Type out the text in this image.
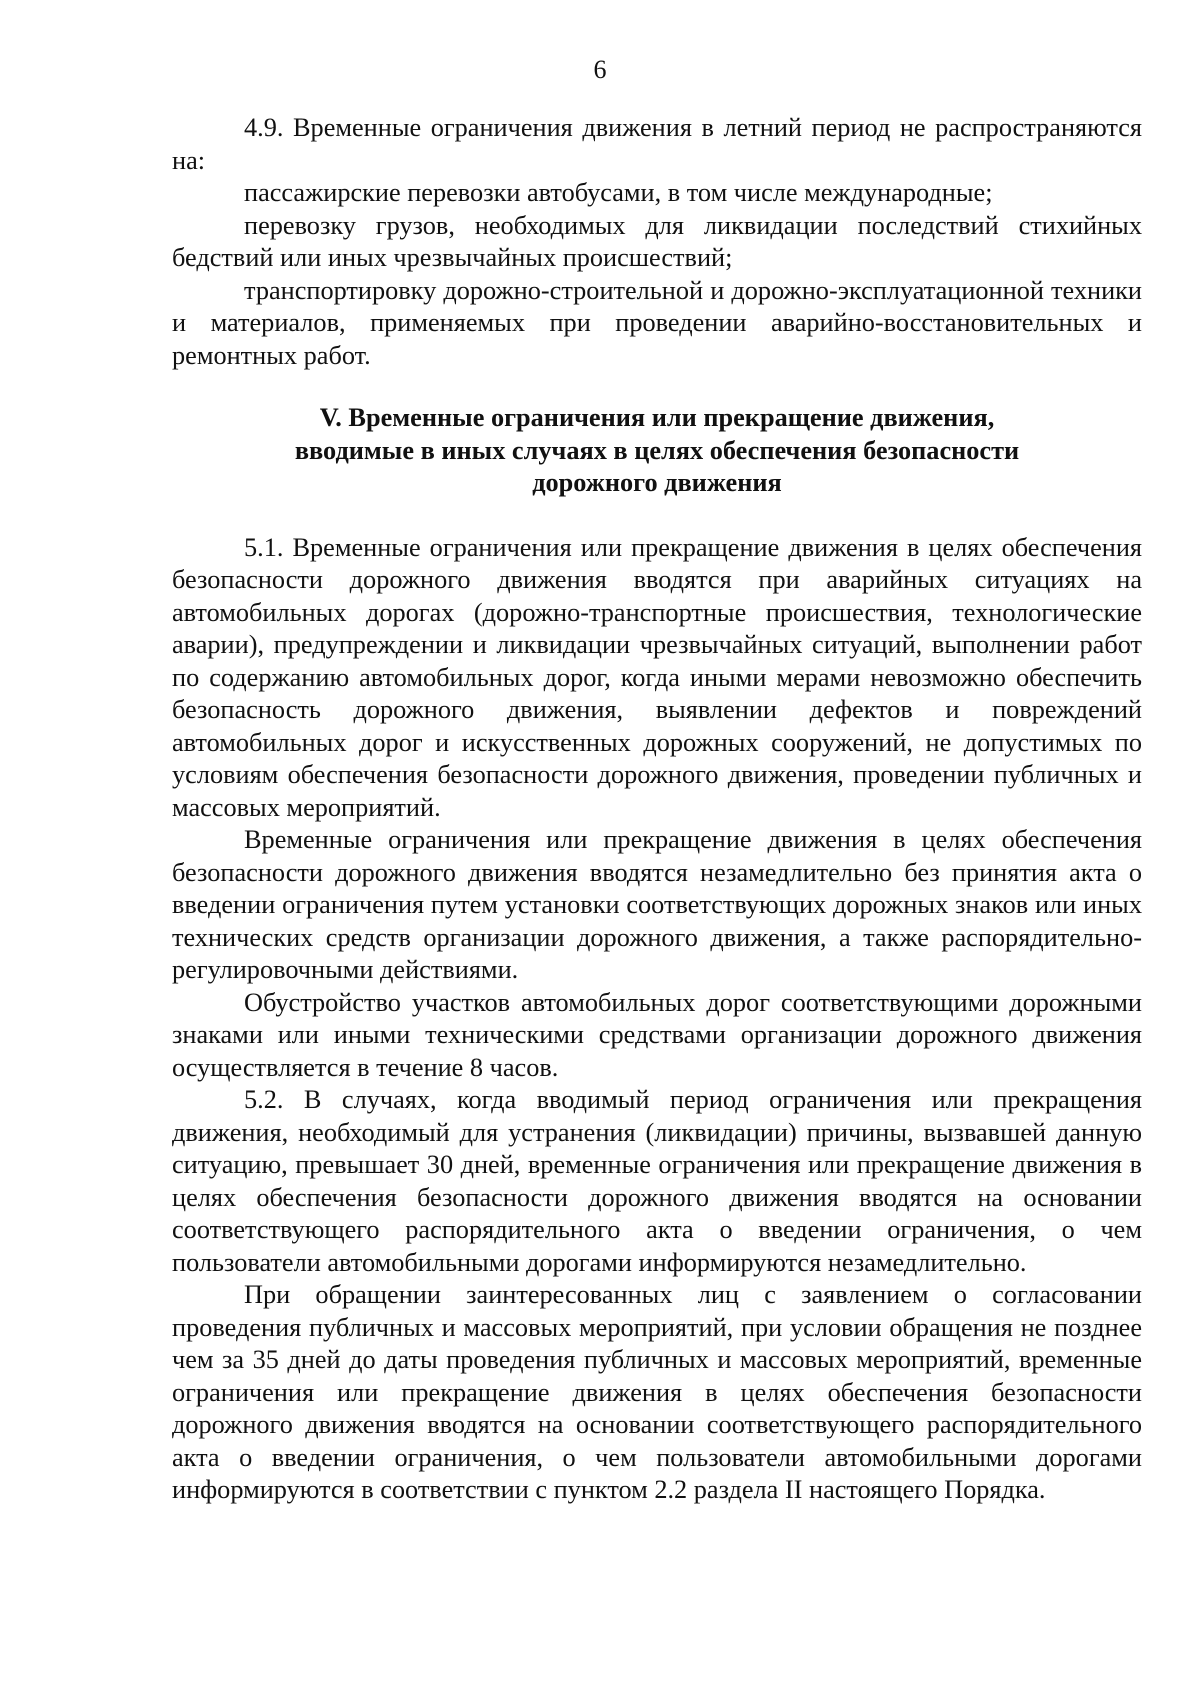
6

4.9. Временные ограничения движения в летний период не распространяются на:

пассажирские перевозки автобусами, в том числе международные;

перевозку грузов, необходимых для ликвидации последствий стихийных бедствий или иных чрезвычайных происшествий;

транспортировку дорожно-строительной и дорожно-эксплуатационной техники и материалов, применяемых при проведении аварийно-восстановительных и ремонтных работ.

V. Временные ограничения или прекращение движения,
вводимые в иных случаях в целях обеспечения безопасности
дорожного движения

5.1. Временные ограничения или прекращение движения в целях обеспечения безопасности дорожного движения вводятся при аварийных ситуациях на автомобильных дорогах (дорожно-транспортные происшествия, технологические аварии), предупреждении и ликвидации чрезвычайных ситуаций, выполнении работ по содержанию автомобильных дорог, когда иными мерами невозможно обеспечить безопасность дорожного движения, выявлении дефектов и повреждений автомобильных дорог и искусственных дорожных сооружений, не допустимых по условиям обеспечения безопасности дорожного движения, проведении публичных и массовых мероприятий.

Временные ограничения или прекращение движения в целях обеспечения безопасности дорожного движения вводятся незамедлительно без принятия акта о введении ограничения путем установки соответствующих дорожных знаков или иных технических средств организации дорожного движения, а также распорядительно-регулировочными действиями.

Обустройство участков автомобильных дорог соответствующими дорожными знаками или иными техническими средствами организации дорожного движения осуществляется в течение 8 часов.

5.2. В случаях, когда вводимый период ограничения или прекращения движения, необходимый для устранения (ликвидации) причины, вызвавшей данную ситуацию, превышает 30 дней, временные ограничения или прекращение движения в целях обеспечения безопасности дорожного движения вводятся на основании соответствующего распорядительного акта о введении ограничения, о чем пользователи автомобильными дорогами информируются незамедлительно.

При обращении заинтересованных лиц с заявлением о согласовании проведения публичных и массовых мероприятий, при условии обращения не позднее чем за 35 дней до даты проведения публичных и массовых мероприятий, временные ограничения или прекращение движения в целях обеспечения безопасности дорожного движения вводятся на основании соответствующего распорядительного акта о введении ограничения, о чем пользователи автомобильными дорогами информируются в соответствии с пунктом 2.2 раздела II настоящего Порядка.
